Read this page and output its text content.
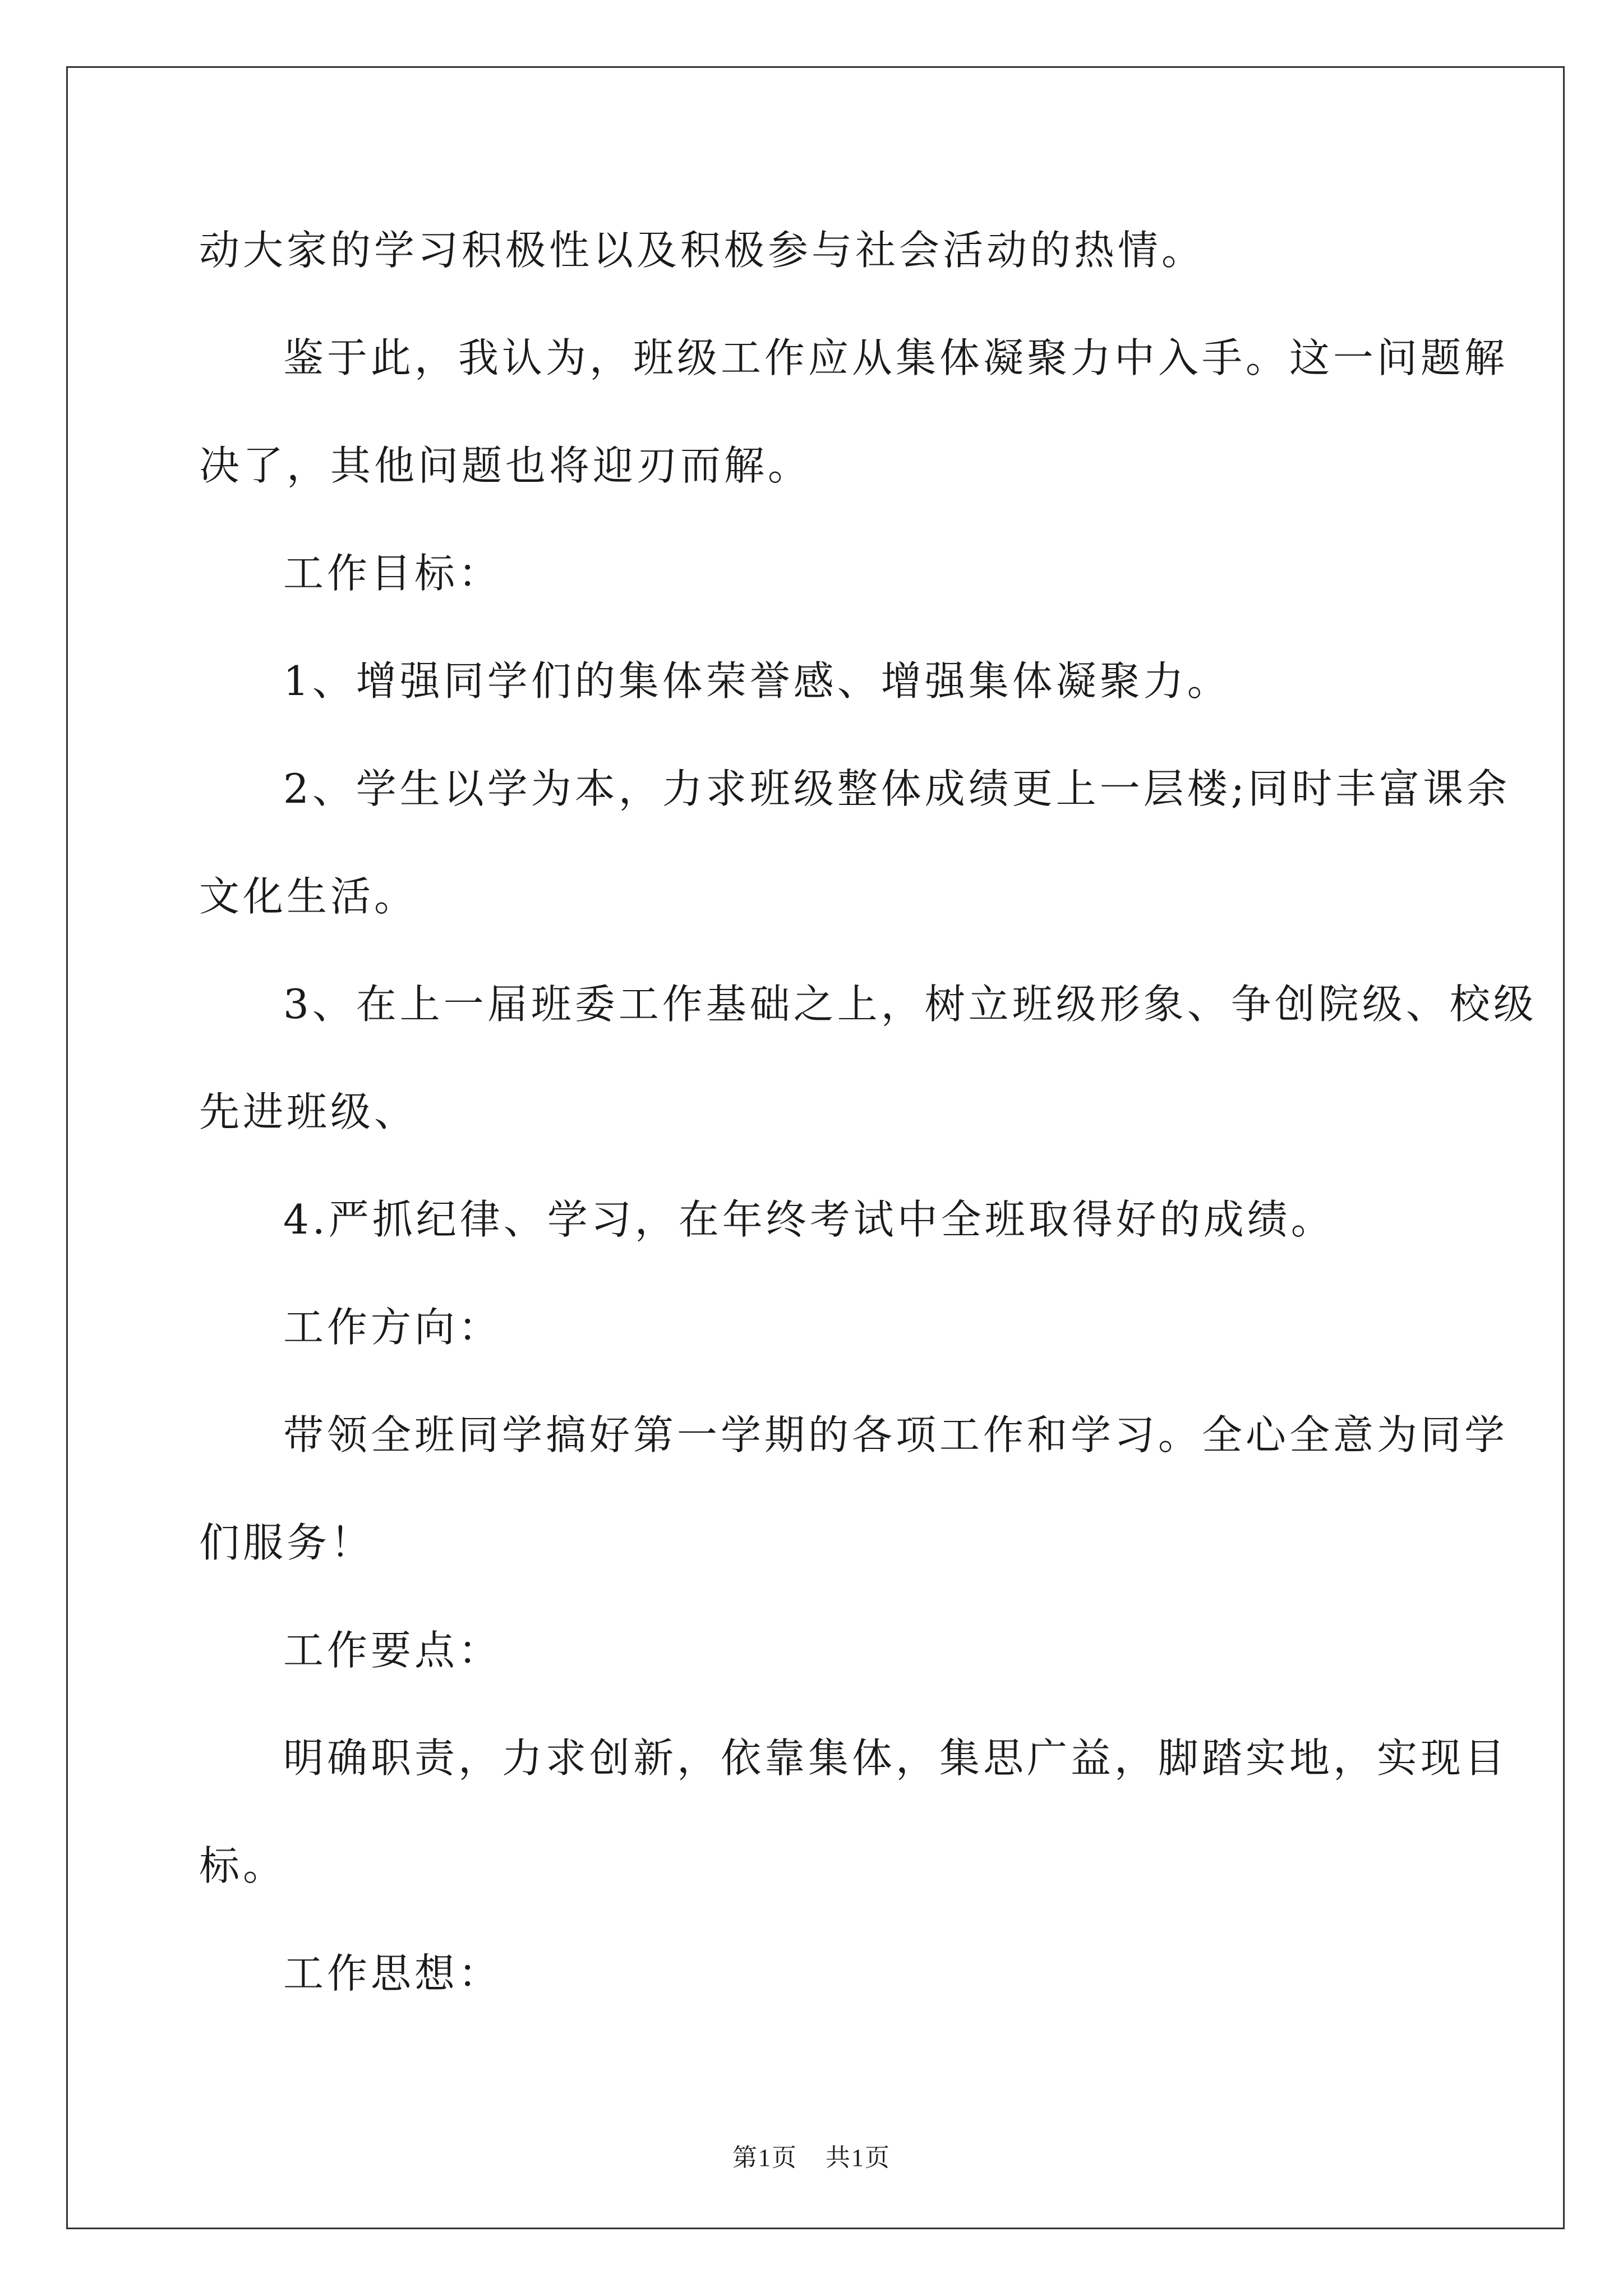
动大家的学习积极性以及积极参与社会活动的热情。

鉴于此，我认为，班级工作应从集体凝聚力中入手。这一问题解

决了，其他问题也将迎刃而解。

工作目标：

1、增强同学们的集体荣誉感、增强集体凝聚力。

2、学生以学为本，力求班级整体成绩更上一层楼;同时丰富课余

文化生活。

3、在上一届班委工作基础之上，树立班级形象、争创院级、校级

先进班级、

4.严抓纪律、学习，在年终考试中全班取得好的成绩。

工作方向：

带领全班同学搞好第一学期的各项工作和学习。全心全意为同学

们服务！

工作要点：

明确职责，力求创新，依靠集体，集思广益，脚踏实地，实现目

标。

工作思想：

第1页 共1页
